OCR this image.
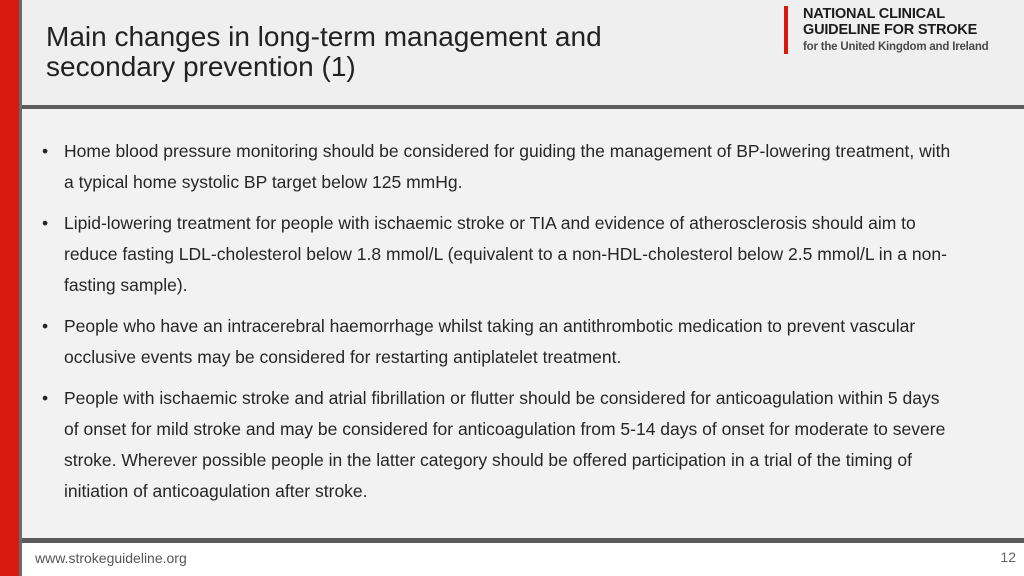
Main changes in long-term management and
secondary prevention (1)
NATIONAL CLINICAL
GUIDELINE FOR STROKE
for the United Kingdom and Ireland
• Home blood pressure monitoring should be considered for guiding the management of BP-lowering treatment, with a typical home systolic BP target below 125 mmHg.
• Lipid-lowering treatment for people with ischaemic stroke or TIA and evidence of atherosclerosis should aim to reduce fasting LDL-cholesterol below 1.8 mmol/L (equivalent to a non-HDL-cholesterol below 2.5 mmol/L in a non-fasting sample).
• People who have an intracerebral haemorrhage whilst taking an antithrombotic medication to prevent vascular occlusive events may be considered for restarting antiplatelet treatment.
• People with ischaemic stroke and atrial fibrillation or flutter should be considered for anticoagulation within 5 days of onset for mild stroke and may be considered for anticoagulation from 5-14 days of onset for moderate to severe stroke. Wherever possible people in the latter category should be offered participation in a trial of the timing of initiation of anticoagulation after stroke.
www.strokeguideline.org	12
